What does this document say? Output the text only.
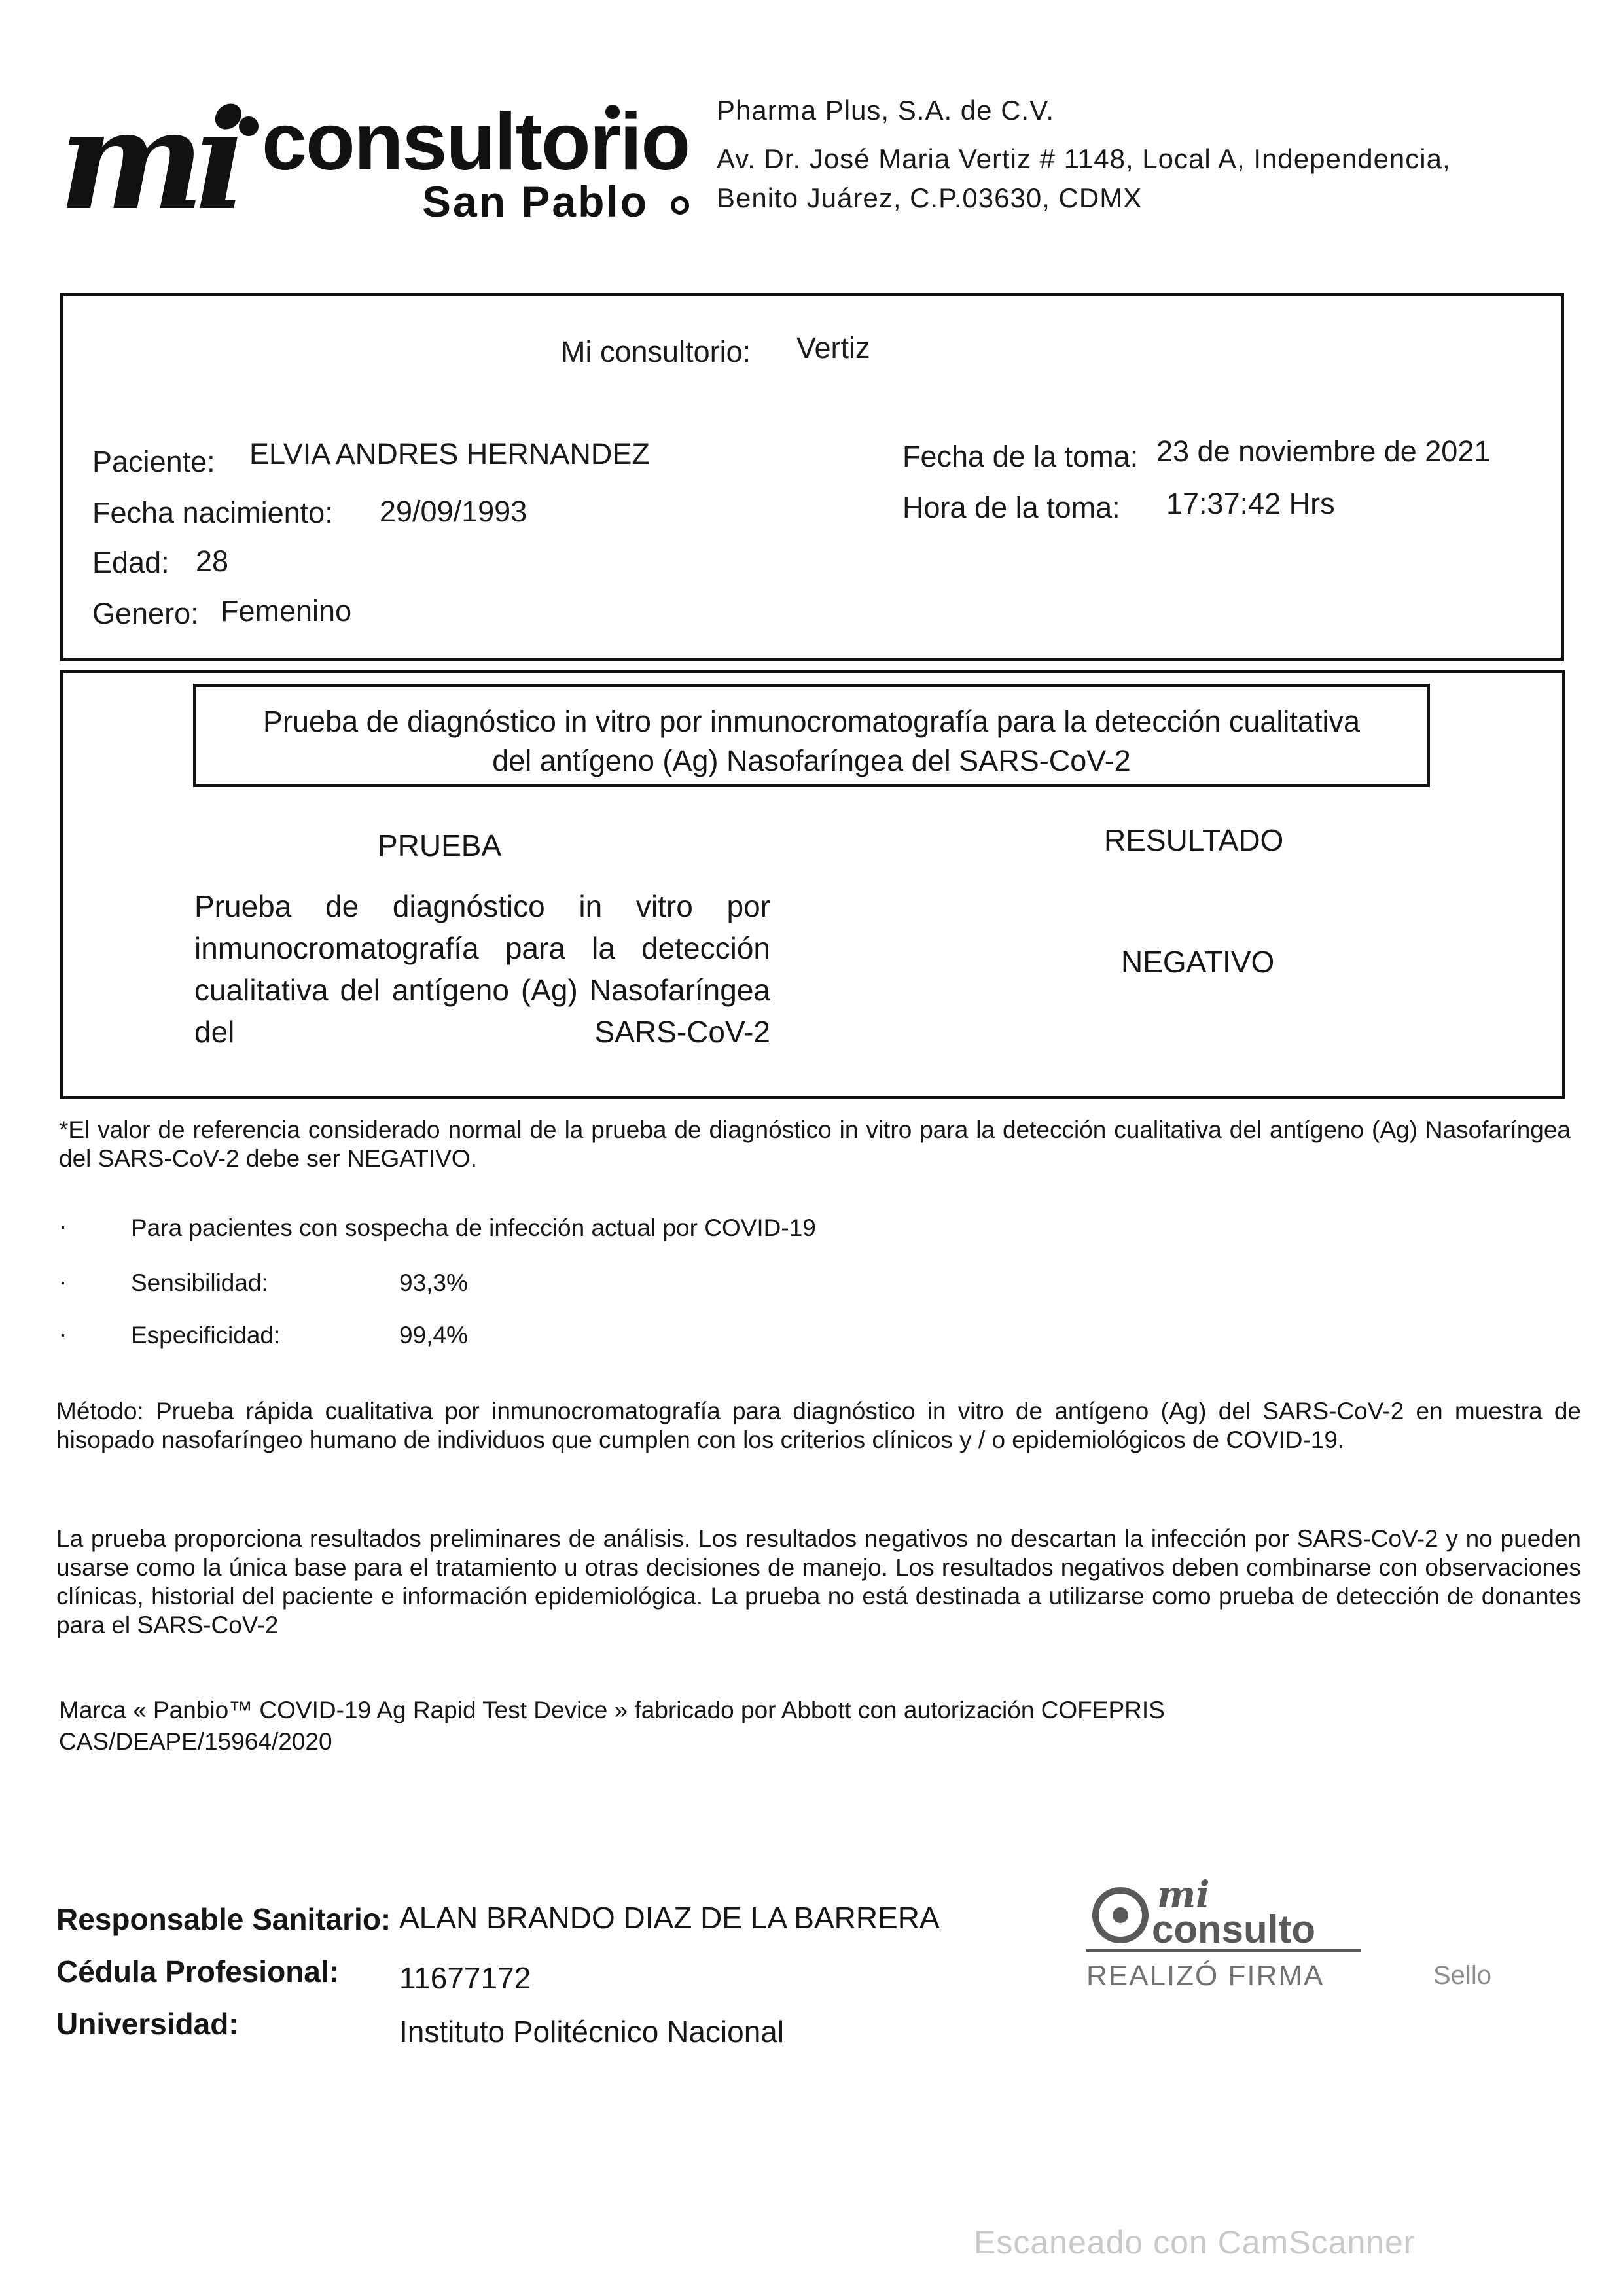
mi consultorio
San Pablo
Pharma Plus, S.A. de C.V.
Av. Dr. José Maria Vertiz # 1148, Local A, Independencia,
Benito Juárez, C.P.03630, CDMX
Mi consultorio: Vertiz
Paciente: ELVIA ANDRES HERNANDEZ
Fecha nacimiento: 29/09/1993
Edad: 28
Genero: Femenino
Fecha de la toma: 23 de noviembre de 2021
Hora de la toma: 17:37:42 Hrs
Prueba de diagnóstico in vitro por inmunocromatografía para la detección cualitativa
del antígeno (Ag) Nasofaríngea del SARS-CoV-2
PRUEBA	RESULTADO
Prueba de diagnóstico in vitro por inmunocromatografía para la detección cualitativa del antígeno (Ag) Nasofaríngea del SARS-CoV-2
NEGATIVO
*El valor de referencia considerado normal de la prueba de diagnóstico in vitro para la detección cualitativa del antígeno (Ag) Nasofaríngea del SARS-CoV-2 debe ser NEGATIVO.
·	Para pacientes con sospecha de infección actual por COVID-19
·	Sensibilidad:	93,3%
·	Especificidad:	99,4%
Método: Prueba rápida cualitativa por inmunocromatografía para diagnóstico in vitro de antígeno (Ag) del SARS-CoV-2 en muestra de hisopado nasofaríngeo humano de individuos que cumplen con los criterios clínicos y / o epidemiológicos de COVID-19.
La prueba proporciona resultados preliminares de análisis. Los resultados negativos no descartan la infección por SARS-CoV-2 y no pueden usarse como la única base para el tratamiento u otras decisiones de manejo. Los resultados negativos deben combinarse con observaciones clínicas, historial del paciente e información epidemiológica. La prueba no está destinada a utilizarse como prueba de detección de donantes para el SARS-CoV-2
Marca « Panbio™ COVID-19 Ag Rapid Test Device » fabricado por Abbott con autorización COFEPRIS
CAS/DEAPE/15964/2020
Responsable Sanitario: ALAN BRANDO DIAZ DE LA BARRERA
Cédula Profesional: 11677172
Universidad:	Instituto Politécnico Nacional
mi
consulto
REALIZÓ FIRMA	Sello
Escaneado con CamScanner
